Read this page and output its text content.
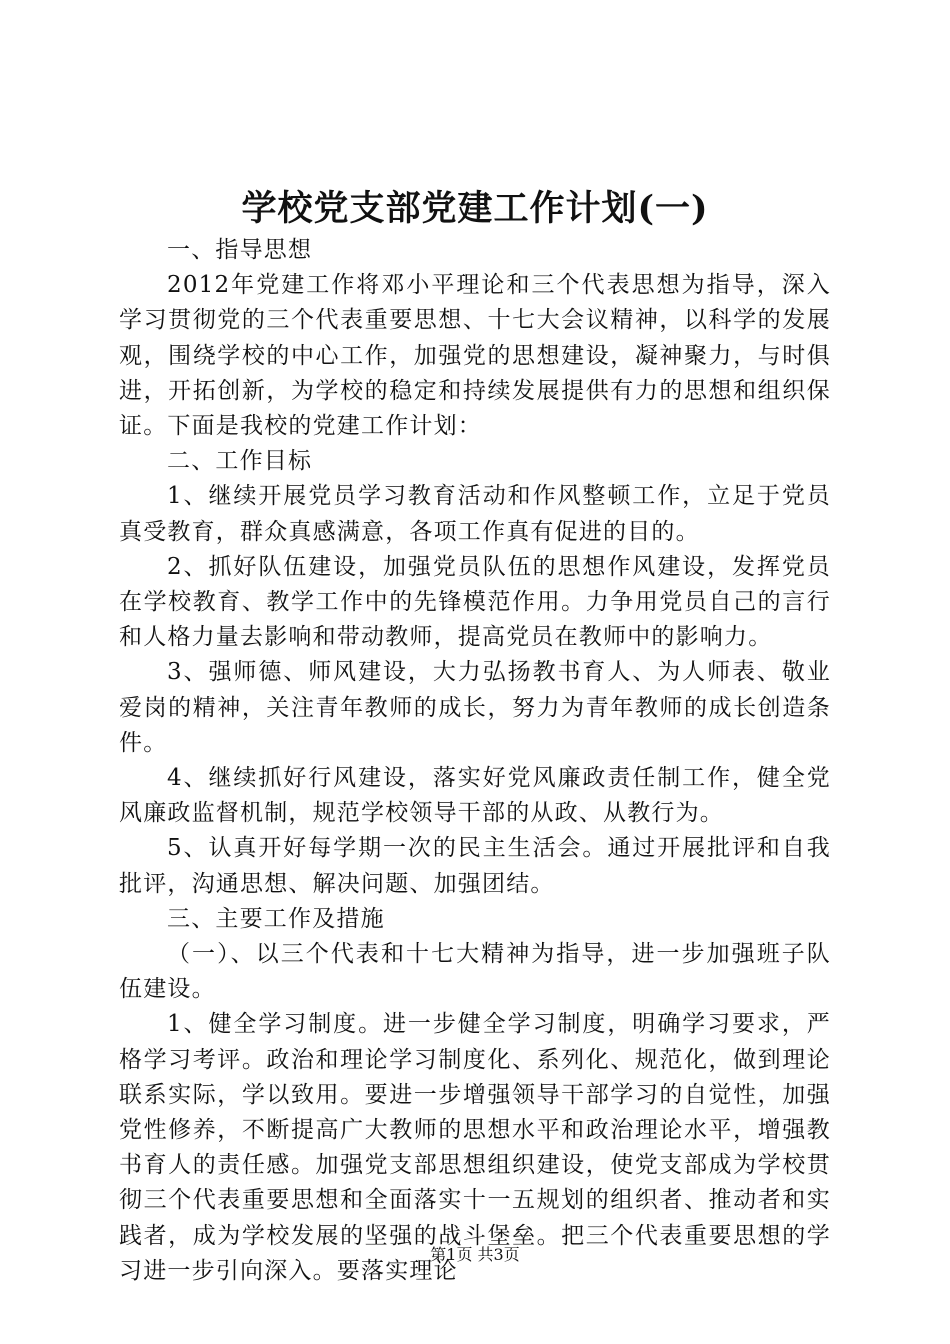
学校党支部党建工作计划(一)

一、指导思想

2012年党建工作将邓小平理论和三个代表思想为指导，深入学习贯彻党的三个代表重要思想、十七大会议精神，以科学的发展观，围绕学校的中心工作，加强党的思想建设，凝神聚力，与时俱进，开拓创新，为学校的稳定和持续发展提供有力的思想和组织保证。下面是我校的党建工作计划：

二、工作目标

1、继续开展党员学习教育活动和作风整顿工作，立足于党员真受教育，群众真感满意，各项工作真有促进的目的。

2、抓好队伍建设，加强党员队伍的思想作风建设，发挥党员在学校教育、教学工作中的先锋模范作用。力争用党员自己的言行和人格力量去影响和带动教师，提高党员在教师中的影响力。

3、强师德、师风建设，大力弘扬教书育人、为人师表、敬业爱岗的精神，关注青年教师的成长，努力为青年教师的成长创造条件。

4、继续抓好行风建设，落实好党风廉政责任制工作，健全党风廉政监督机制，规范学校领导干部的从政、从教行为。

5、认真开好每学期一次的民主生活会。通过开展批评和自我批评，沟通思想、解决问题、加强团结。

三、主要工作及措施

（一）、以三个代表和十七大精神为指导，进一步加强班子队伍建设。

1、健全学习制度。进一步健全学习制度，明确学习要求，严格学习考评。政治和理论学习制度化、系列化、规范化，做到理论联系实际，学以致用。要进一步增强领导干部学习的自觉性，加强党性修养，不断提高广大教师的思想水平和政治理论水平，增强教书育人的责任感。加强党支部思想组织建设，使党支部成为学校贯彻三个代表重要思想和全面落实十一五规划的组织者、推动者和实践者，成为学校发展的坚强的战斗堡垒。把三个代表重要思想的学习进一步引向深入。要落实理论

第1页 共3页
